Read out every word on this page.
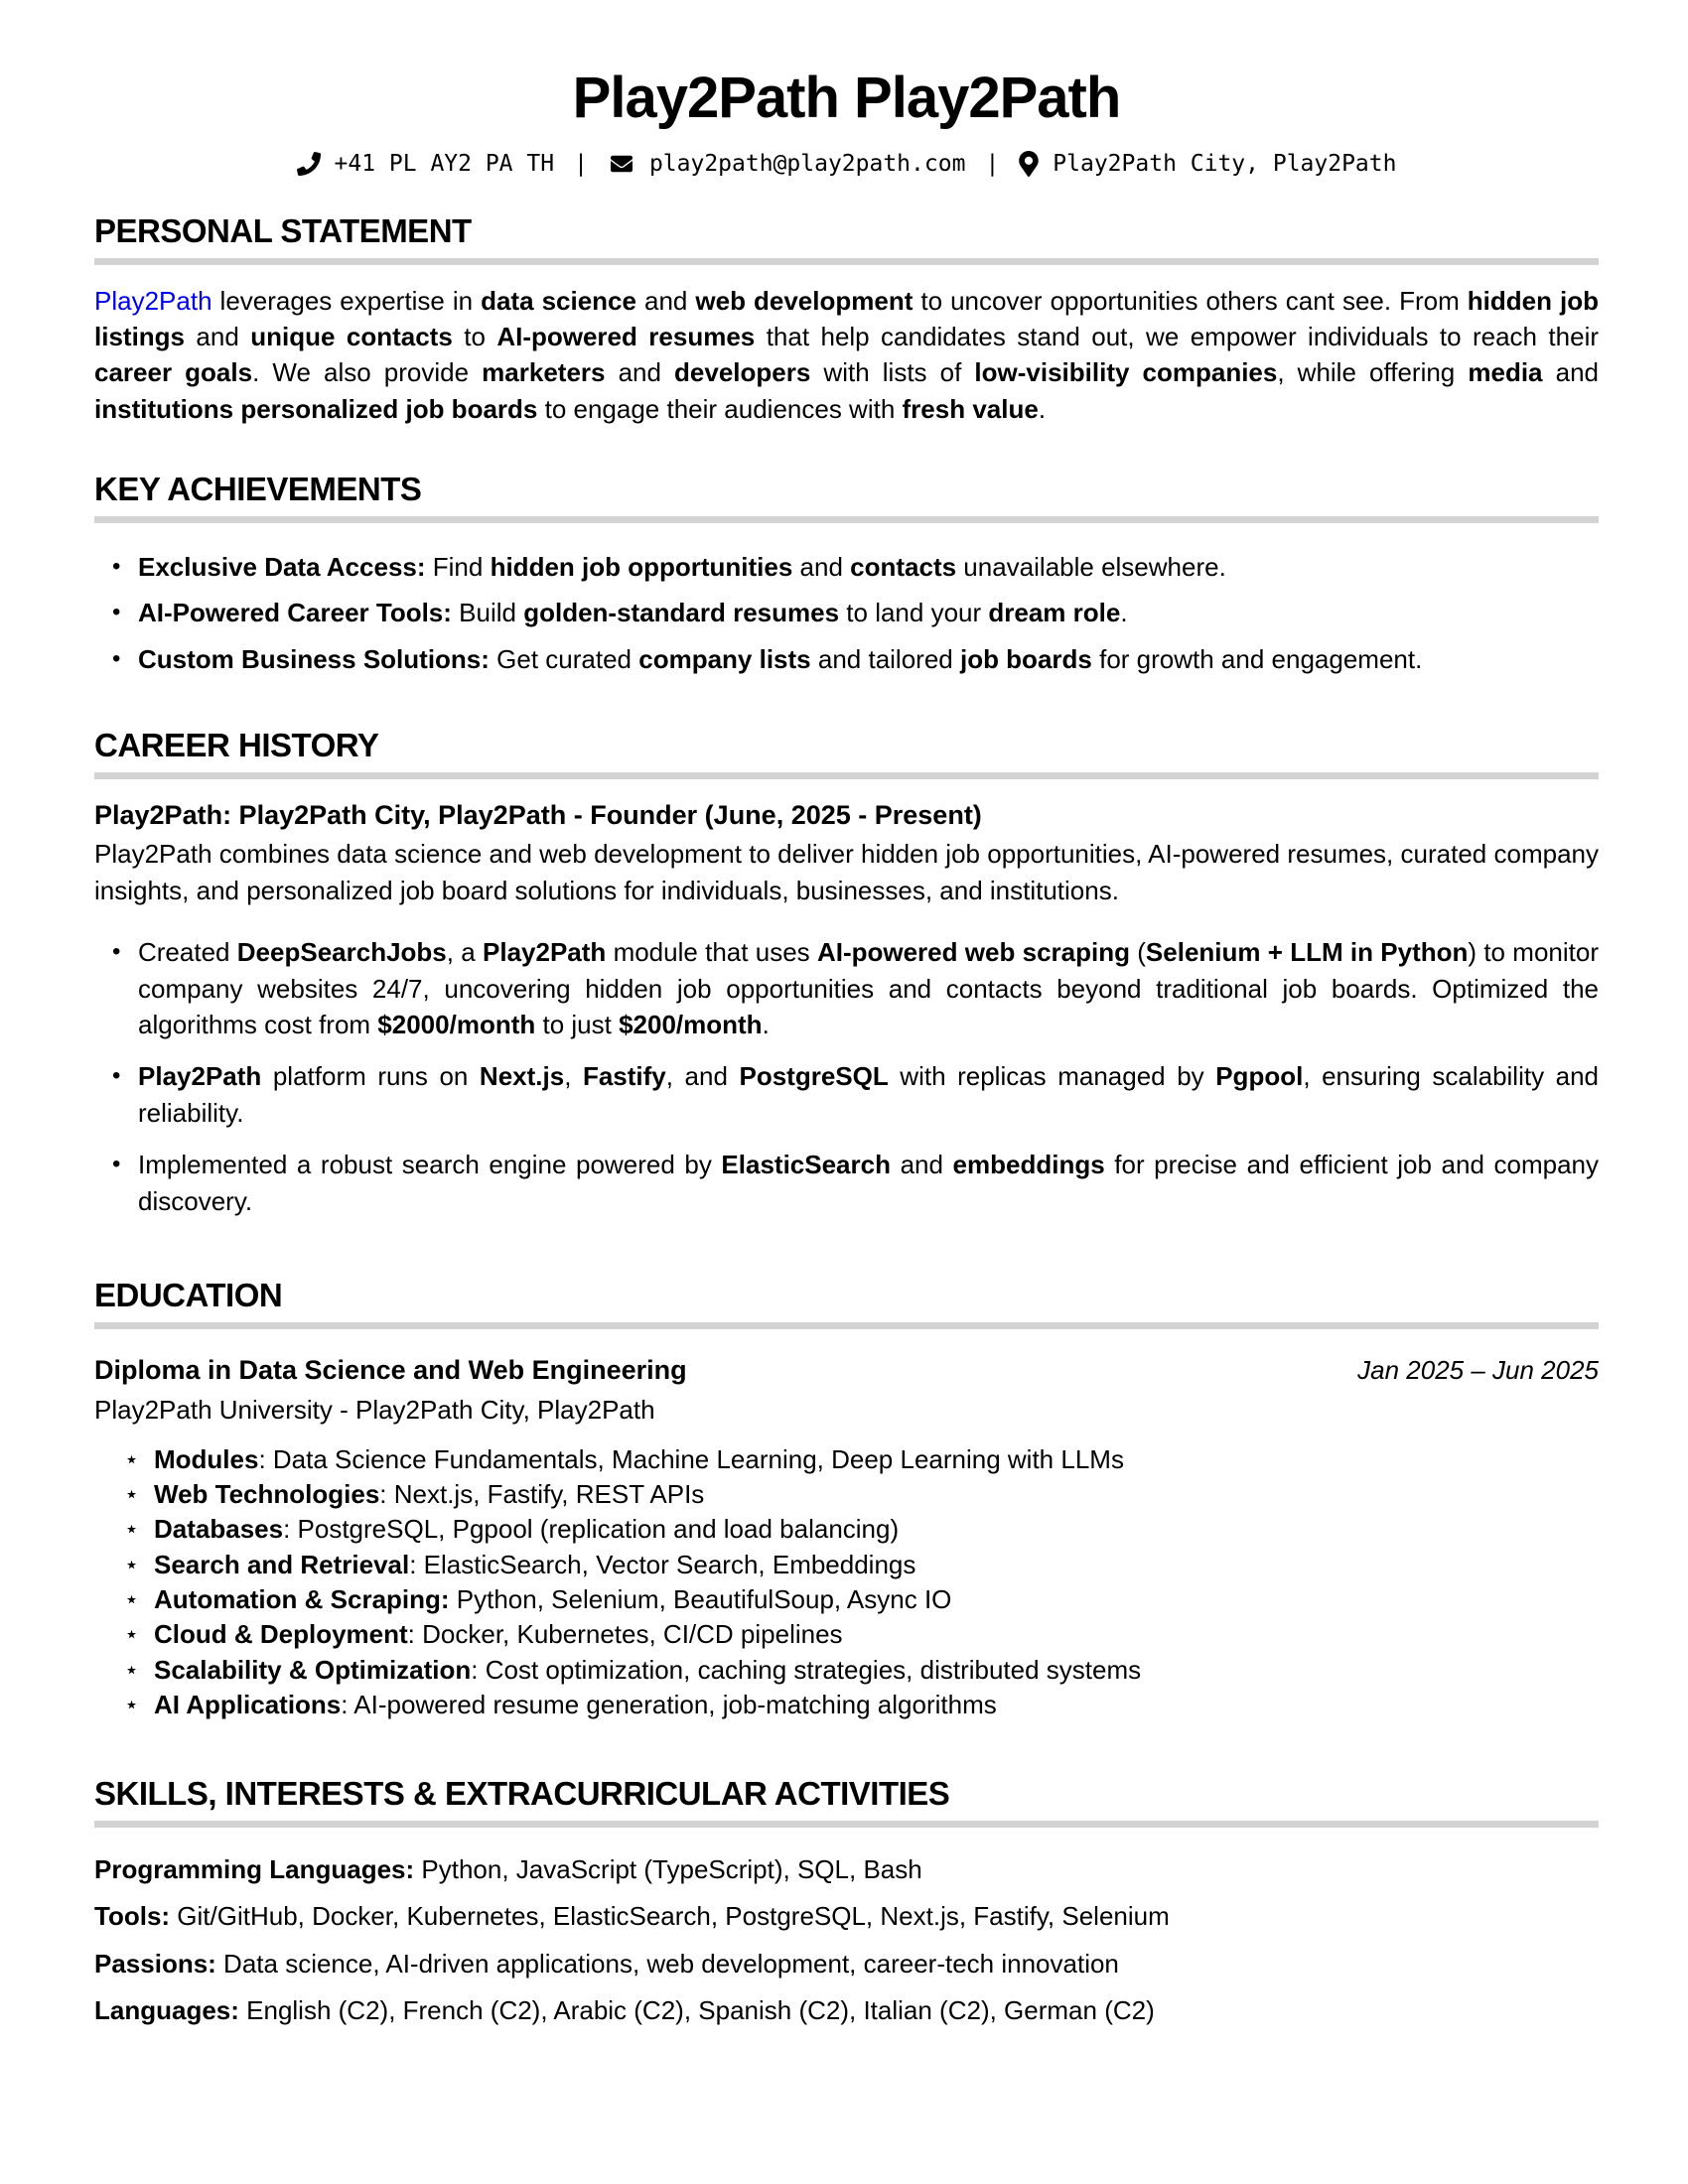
Play2Path Play2Path
+41 PL AY2 PA TH |	play2path@play2path.com | Play2Path City, Play2Path
PERSONAL STATEMENT

Play2Path leverages expertise in data science and web development to uncover opportunities others cant see. From hidden job listings and unique contacts to AI-powered resumes that help candidates stand out, we empower individuals to reach their career goals. We also provide marketers and developers with lists of low-visibility companies, while offering media and institutions personalized job boards to engage their audiences with fresh value.

KEY ACHIEVEMENTS
• Exclusive Data Access: Find hidden job opportunities and contacts unavailable elsewhere.
• AI-Powered Career Tools: Build golden-standard resumes to land your dream role.
• Custom Business Solutions: Get curated company lists and tailored job boards for growth and engagement.
CAREER HISTORY

Play2Path: Play2Path City, Play2Path - Founder (June, 2025 - Present)

Play2Path combines data science and web development to deliver hidden job opportunities, AI-powered resumes, curated company insights, and personalized job board solutions for individuals, businesses, and institutions.

• Created DeepSearchJobs, a Play2Path module that uses AI-powered web scraping (Selenium + LLM in Python) to monitor company websites 24/7, uncovering hidden job opportunities and contacts beyond traditional job boards. Optimized the algorithms cost from $2000/month to just $200/month.
• Play2Path platform runs on Next.js, Fastify, and PostgreSQL with replicas managed by Pgpool, ensuring scalability and reliability.
• Implemented a robust search engine powered by ElasticSearch and embeddings for precise and efficient job and company discovery.
EDUCATION
Diploma in Data Science and Web Engineering	Jan 2025 – Jun 2025

Play2Path University - Play2Path City, Play2Path

⋆ Modules: Data Science Fundamentals, Machine Learning, Deep Learning with LLMs
⋆ Web Technologies: Next.js, Fastify, REST APIs
⋆ Databases: PostgreSQL, Pgpool (replication and load balancing)
⋆ Search and Retrieval: ElasticSearch, Vector Search, Embeddings
⋆ Automation & Scraping: Python, Selenium, BeautifulSoup, Async IO
⋆ Cloud & Deployment: Docker, Kubernetes, CI/CD pipelines
⋆ Scalability & Optimization: Cost optimization, caching strategies, distributed systems
⋆ AI Applications: AI-powered resume generation, job-matching algorithms
SKILLS, INTERESTS & EXTRACURRICULAR ACTIVITIES

Programming Languages: Python, JavaScript (TypeScript), SQL, Bash

Tools: Git/GitHub, Docker, Kubernetes, ElasticSearch, PostgreSQL, Next.js, Fastify, Selenium

Passions: Data science, AI-driven applications, web development, career-tech innovation

Languages: English (C2), French (C2), Arabic (C2), Spanish (C2), Italian (C2), German (C2)
